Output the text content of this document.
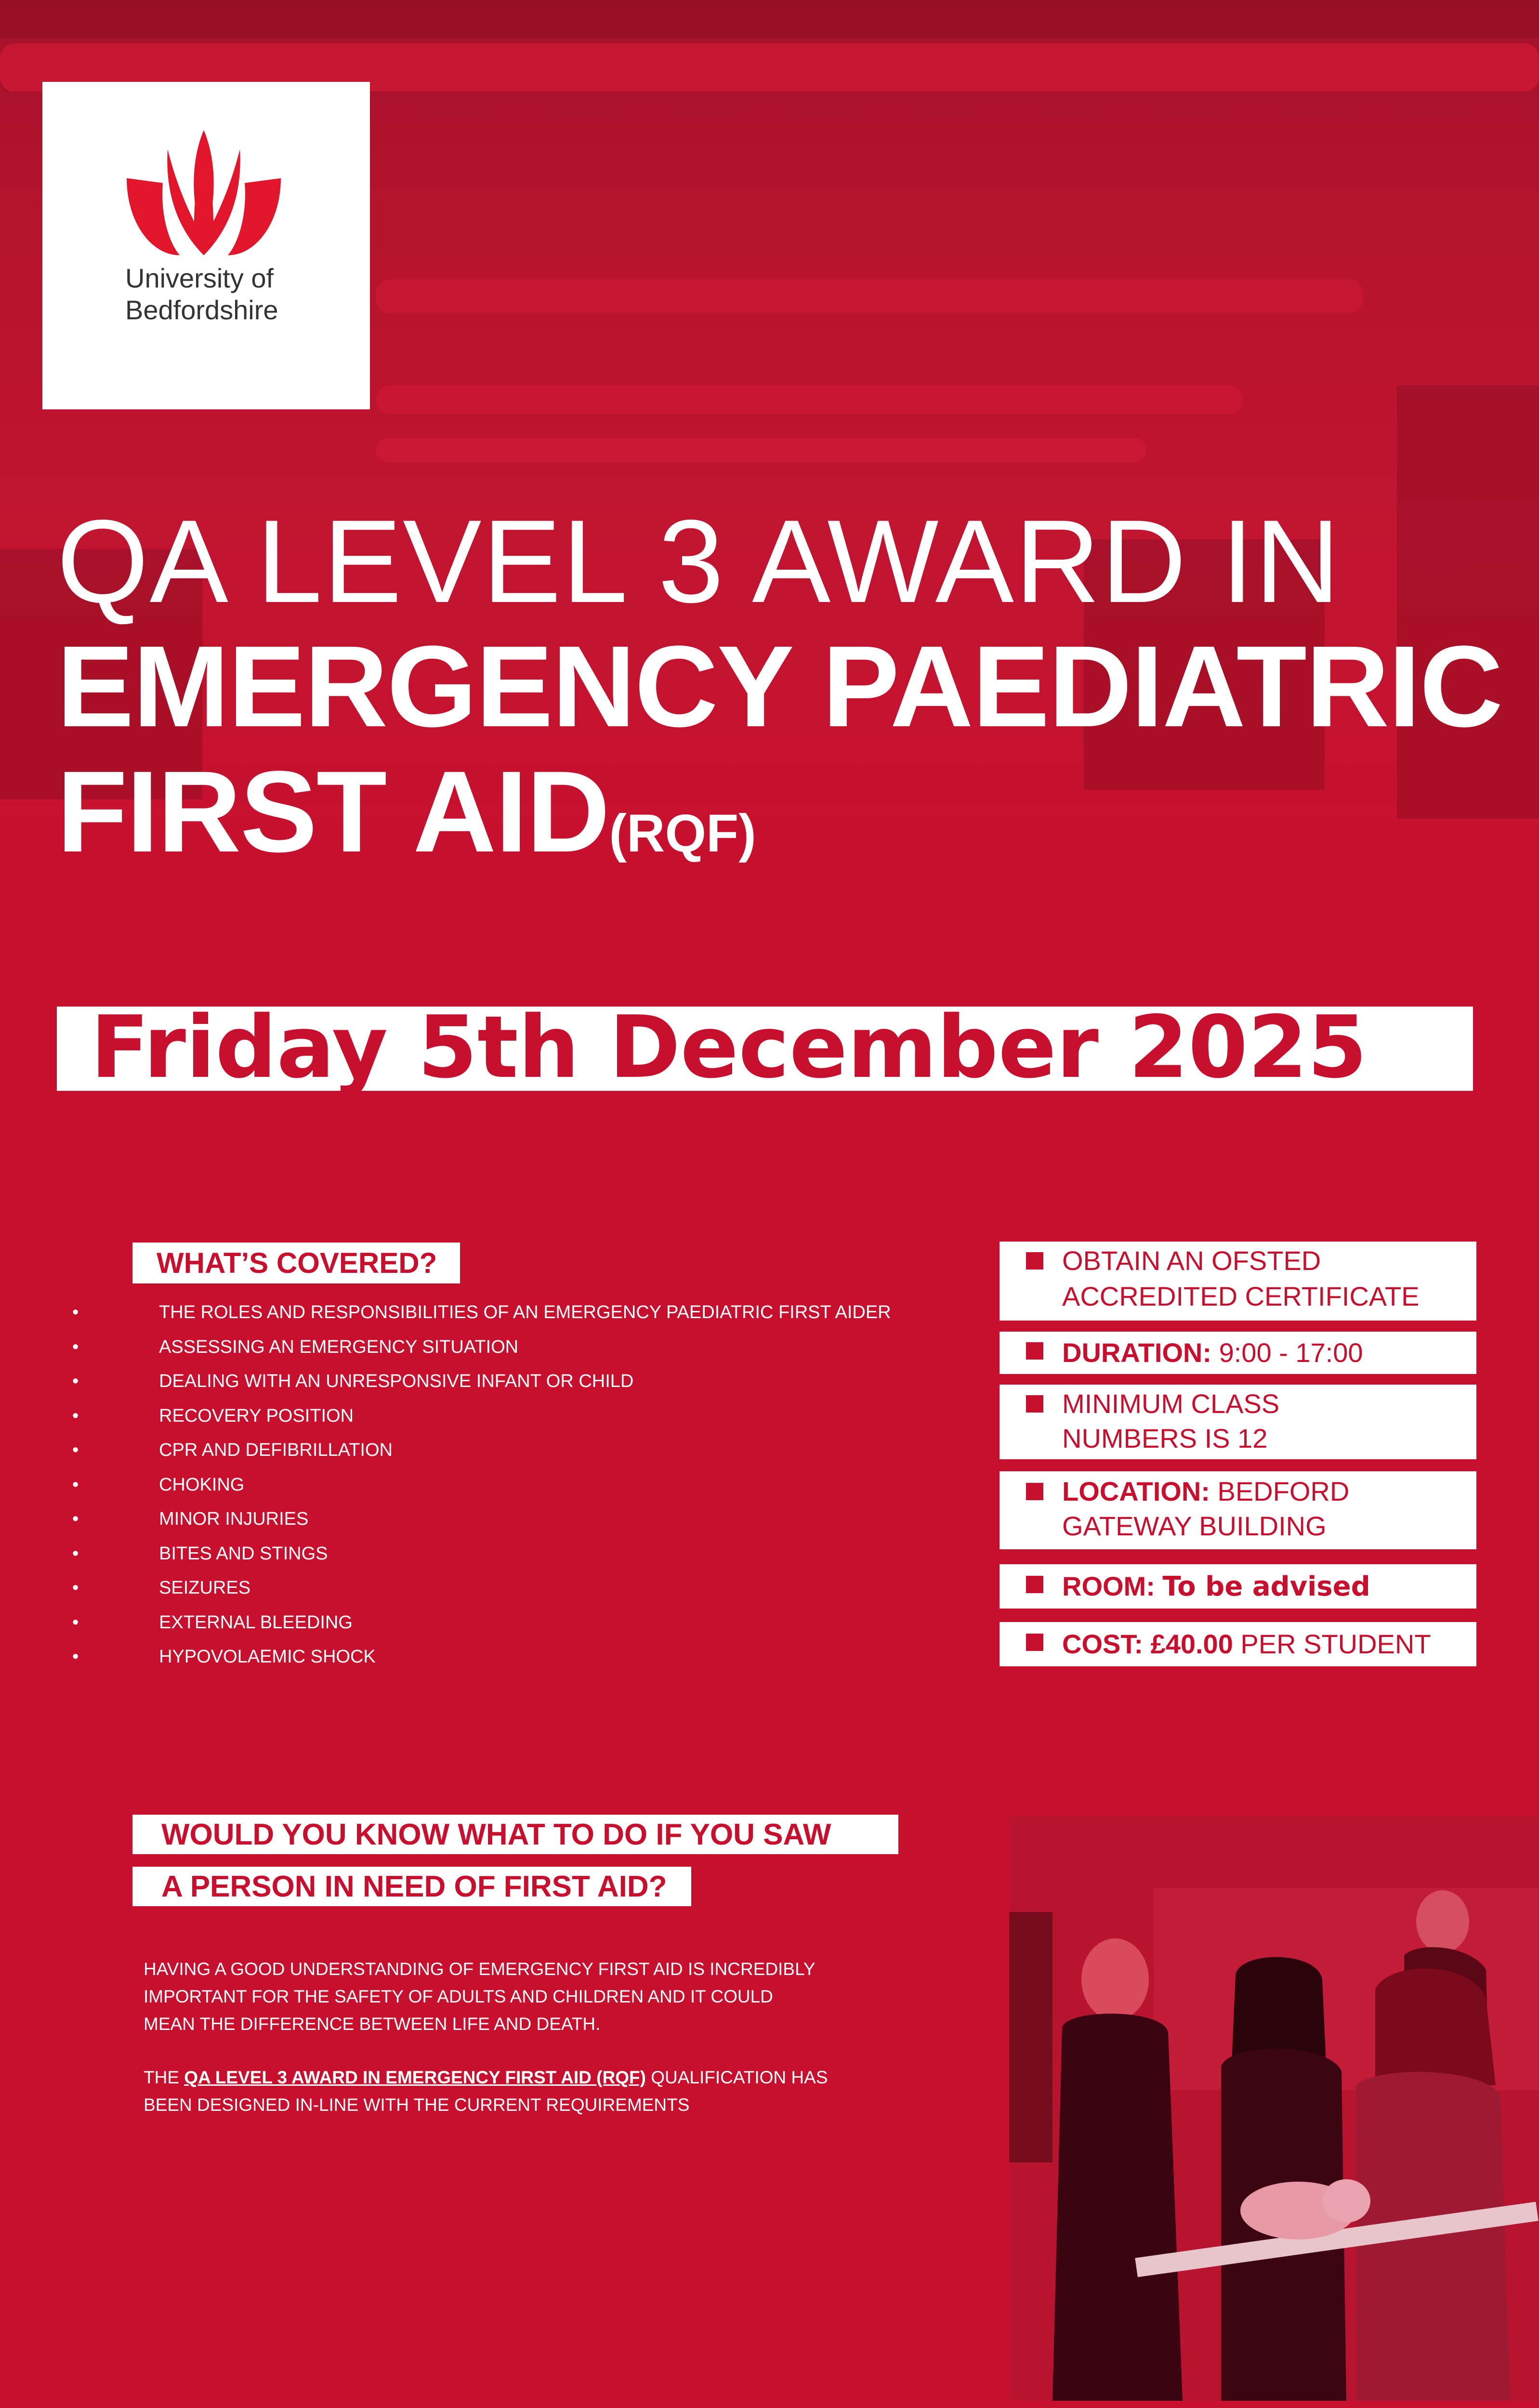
University of
Bedfordshire
QA LEVEL 3 AWARD IN
EMERGENCY PAEDIATRIC
FIRST AID(RQF)
Friday 5th December 2025
WHAT’S COVERED?
•	THE ROLES AND RESPONSIBILITIES OF AN EMERGENCY PAEDIATRIC FIRST AIDER
•	ASSESSING AN EMERGENCY SITUATION
•	DEALING WITH AN UNRESPONSIVE INFANT OR CHILD
•	RECOVERY POSITION
•	CPR AND DEFIBRILLATION
•	CHOKING
•	MINOR INJURIES
•	BITES AND STINGS
•	SEIZURES
•	EXTERNAL BLEEDING
•	HYPOVOLAEMIC SHOCK
OBTAIN AN OFSTED
ACCREDITED CERTIFICATE
DURATION: 9:00 - 17:00
MINIMUM CLASS
NUMBERS IS 12
LOCATION: BEDFORD
GATEWAY BUILDING
ROOM: To be advised
COST: £40.00 PER STUDENT
WOULD YOU KNOW WHAT TO DO IF YOU SAW
A PERSON IN NEED OF FIRST AID?
HAVING A GOOD UNDERSTANDING OF EMERGENCY FIRST AID IS INCREDIBLY
IMPORTANT FOR THE SAFETY OF ADULTS AND CHILDREN AND IT COULD
MEAN THE DIFFERENCE BETWEEN LIFE AND DEATH.
THE QA LEVEL 3 AWARD IN EMERGENCY FIRST AID (RQF) QUALIFICATION HAS
BEEN DESIGNED IN-LINE WITH THE CURRENT REQUIREMENTS
